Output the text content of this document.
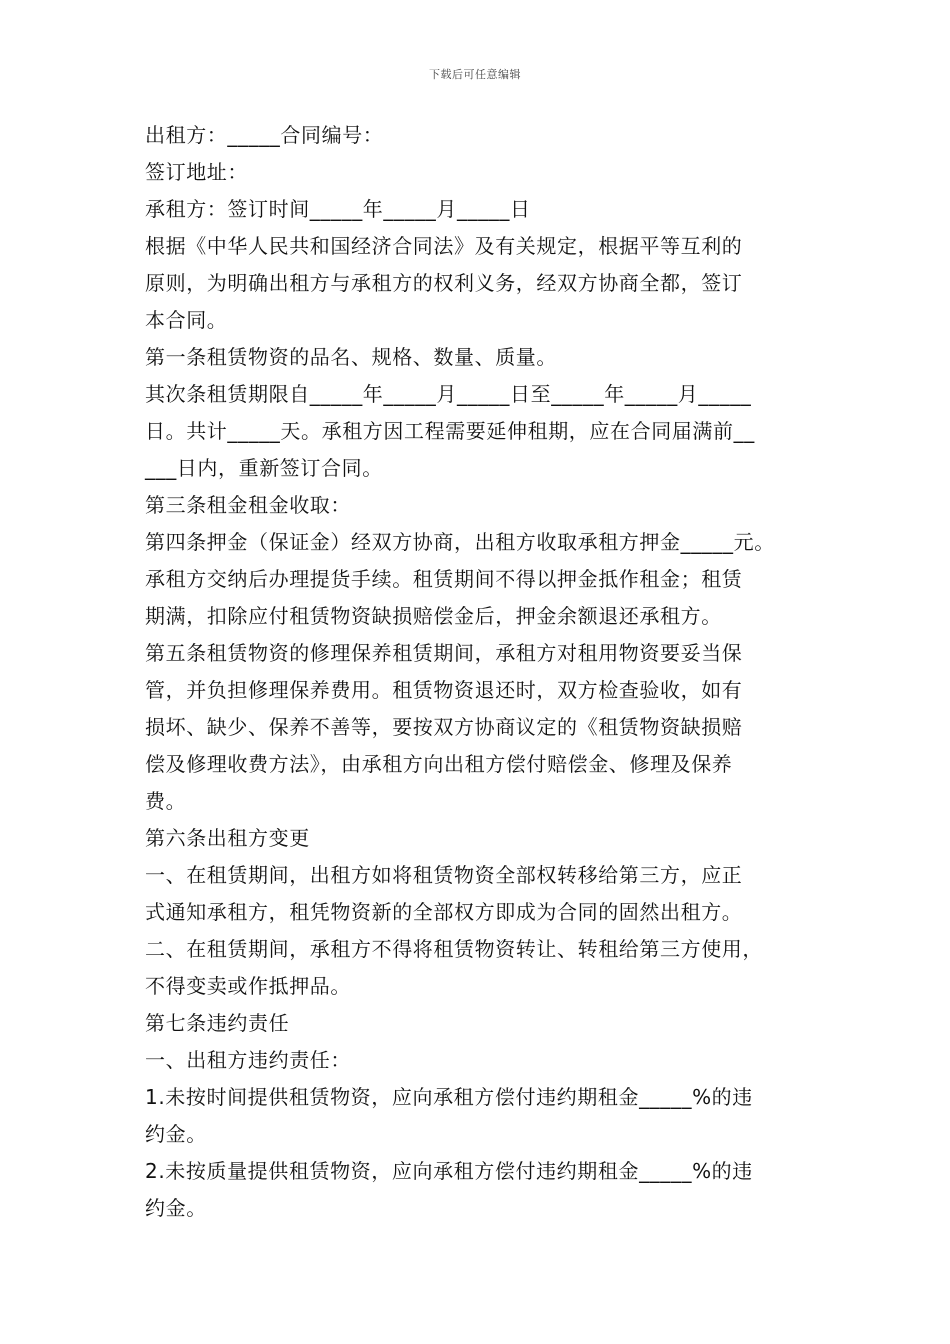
下载后可任意编辑
出租方：_____合同编号：
签订地址：
承租方：签订时间_____年_____月_____日
根据《中华人民共和国经济合同法》及有关规定，根据平等互利的
原则，为明确出租方与承租方的权利义务，经双方协商全都，签订
本合同。
第一条租赁物资的品名、规格、数量、质量。
其次条租赁期限自_____年_____月_____日至_____年_____月_____
日。共计_____天。承租方因工程需要延伸租期，应在合同届满前__
___日内，重新签订合同。
第三条租金租金收取：
第四条押金（保证金）经双方协商，出租方收取承租方押金_____元。
承租方交纳后办理提货手续。租赁期间不得以押金抵作租金；租赁
期满，扣除应付租赁物资缺损赔偿金后，押金余额退还承租方。
第五条租赁物资的修理保养租赁期间，承租方对租用物资要妥当保
管，并负担修理保养费用。租赁物资退还时，双方检查验收，如有
损坏、缺少、保养不善等，要按双方协商议定的《租赁物资缺损赔
偿及修理收费方法》，由承租方向出租方偿付赔偿金、修理及保养
费。
第六条出租方变更
一、在租赁期间，出租方如将租赁物资全部权转移给第三方，应正
式通知承租方，租凭物资新的全部权方即成为合同的固然出租方。
二、在租赁期间，承租方不得将租赁物资转让、转租给第三方使用，
不得变卖或作抵押品。
第七条违约责任
一、出租方违约责任：
1.未按时间提供租赁物资，应向承租方偿付违约期租金_____%的违
约金。
2.未按质量提供租赁物资，应向承租方偿付违约期租金_____%的违
约金。
